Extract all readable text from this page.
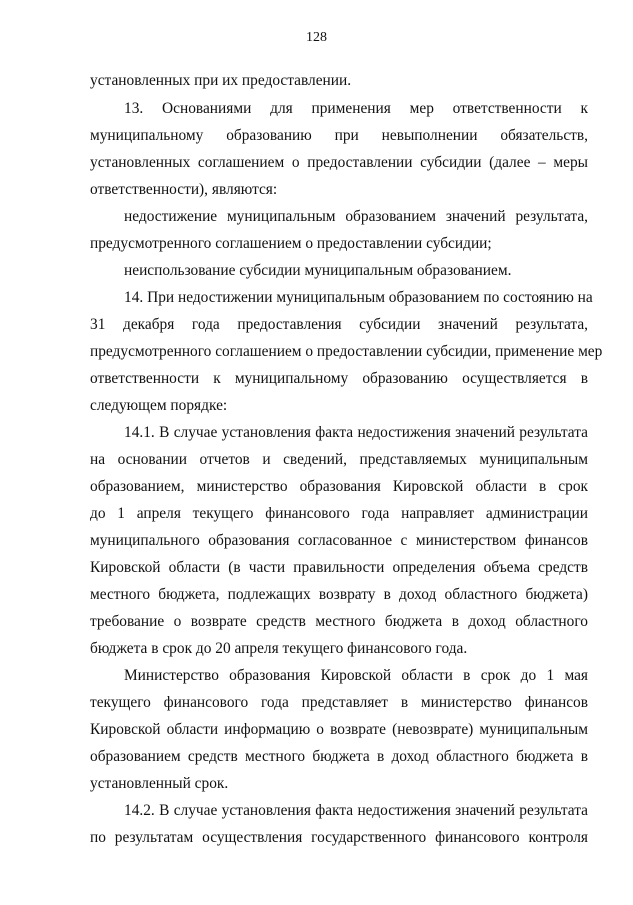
128
установленных при их предоставлении.
13. Основаниями для применения мер ответственности к
муниципальному образованию при невыполнении обязательств,
установленных соглашением о предоставлении субсидии (далее – меры
ответственности), являются:
недостижение муниципальным образованием значений результата,
предусмотренного соглашением о предоставлении субсидии;
неиспользование субсидии муниципальным образованием.
14. При недостижении муниципальным образованием по состоянию на
31 декабря года предоставления субсидии значений результата,
предусмотренного соглашением о предоставлении субсидии, применение мер
ответственности к муниципальному образованию осуществляется в
следующем порядке:
14.1. В случае установления факта недостижения значений результата
на основании отчетов и сведений, представляемых муниципальным
образованием, министерство образования Кировской области в срок
до 1 апреля текущего финансового года направляет администрации
муниципального образования согласованное с министерством финансов
Кировской области (в части правильности определения объема средств
местного бюджета, подлежащих возврату в доход областного бюджета)
требование о возврате средств местного бюджета в доход областного
бюджета в срок до 20 апреля текущего финансового года.
Министерство образования Кировской области в срок до 1 мая
текущего финансового года представляет в министерство финансов
Кировской области информацию о возврате (невозврате) муниципальным
образованием средств местного бюджета в доход областного бюджета в
установленный срок.
14.2. В случае установления факта недостижения значений результата
по результатам осуществления государственного финансового контроля
